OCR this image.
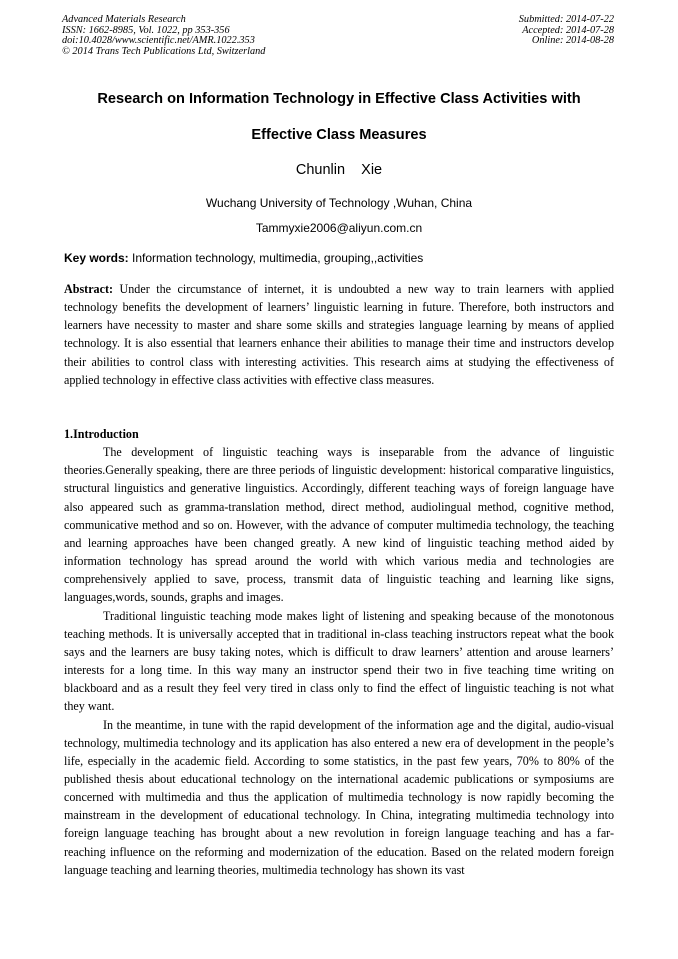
Advanced Materials Research
ISSN: 1662-8985, Vol. 1022, pp 353-356
doi:10.4028/www.scientific.net/AMR.1022.353
© 2014 Trans Tech Publications Ltd, Switzerland
Submitted: 2014-07-22
Accepted: 2014-07-28
Online: 2014-08-28
Research on Information Technology in Effective Class Activities with
Effective Class Measures
Chunlin    Xie
Wuchang University of Technology ,Wuhan, China
Tammyxie2006@aliyun.com.cn
Key words: Information technology, multimedia, grouping,,activities

Abstract: Under the circumstance of internet, it is undoubted a new way to train learners with applied technology benefits the development of learners’ linguistic learning in future. Therefore, both instructors and learners have necessity to master and share some skills and strategies language learning by means of applied technology. It is also essential that learners enhance their abilities to manage their time and instructors develop their abilities to control class with interesting activities. This research aims at studying the effectiveness of applied technology in effective class activities with effective class measures.

1.Introduction

The development of linguistic teaching ways is inseparable from the advance of linguistic theories.Generally speaking, there are three periods of linguistic development: historical comparative linguistics, structural linguistics and generative linguistics. Accordingly, different teaching ways of foreign language have also appeared such as gramma-translation method, direct method, audiolingual method, cognitive method, communicative method and so on. However, with the advance of computer multimedia technology, the teaching and learning approaches have been changed greatly. A new kind of linguistic teaching method aided by information technology has spread around the world with which various media and technologies are comprehensively applied to save, process, transmit data of linguistic teaching and learning like signs, languages,words, sounds, graphs and images.

Traditional linguistic teaching mode makes light of listening and speaking because of the monotonous teaching methods. It is universally accepted that in traditional in-class teaching instructors repeat what the book says and the learners are busy taking notes, which is difficult to draw learners’ attention and arouse learners’ interests for a long time. In this way many an instructor spend their two in five teaching time writing on blackboard and as a result they feel very tired in class only to find the effect of linguistic teaching is not what they want.

In the meantime, in tune with the rapid development of the information age and the digital, audio-visual technology, multimedia technology and its application has also entered a new era of development in the people’s life, especially in the academic field. According to some statistics, in the past few years, 70% to 80% of the published thesis about educational technology on the international academic publications or symposiums are concerned with multimedia and thus the application of multimedia technology is now rapidly becoming the mainstream in the development of educational technology. In China, integrating multimedia technology into foreign language teaching has brought about a new revolution in foreign language teaching and has a far-reaching influence on the reforming and modernization of the education. Based on the related modern foreign language teaching and learning theories, multimedia technology has shown its vast
